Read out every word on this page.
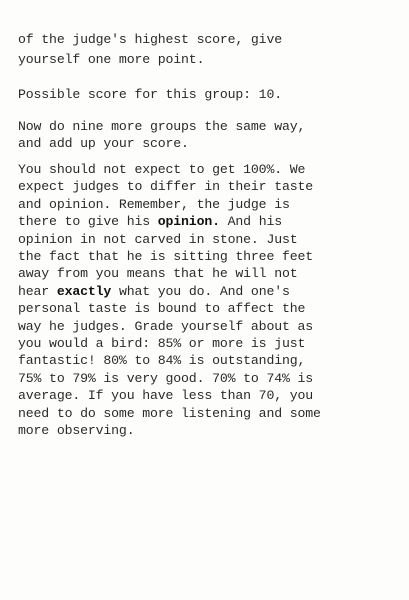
of the judge's highest score, give
yourself one more point.
Possible score for this group: 10.
Now do nine more groups the same way,
and add up your score.
You should not expect to get 100%. We
expect judges to differ in their taste
and opinion. Remember, the judge is
there to give his opinion. And his
opinion in not carved in stone. Just
the fact that he is sitting three feet
away from you means that he will not
hear exactly what you do. And one's
personal taste is bound to affect the
way he judges. Grade yourself about as
you would a bird: 85% or more is just
fantastic! 80% to 84% is outstanding,
75% to 79% is very good. 70% to 74% is
average. If you have less than 70, you
need to do some more listening and some
more observing.
